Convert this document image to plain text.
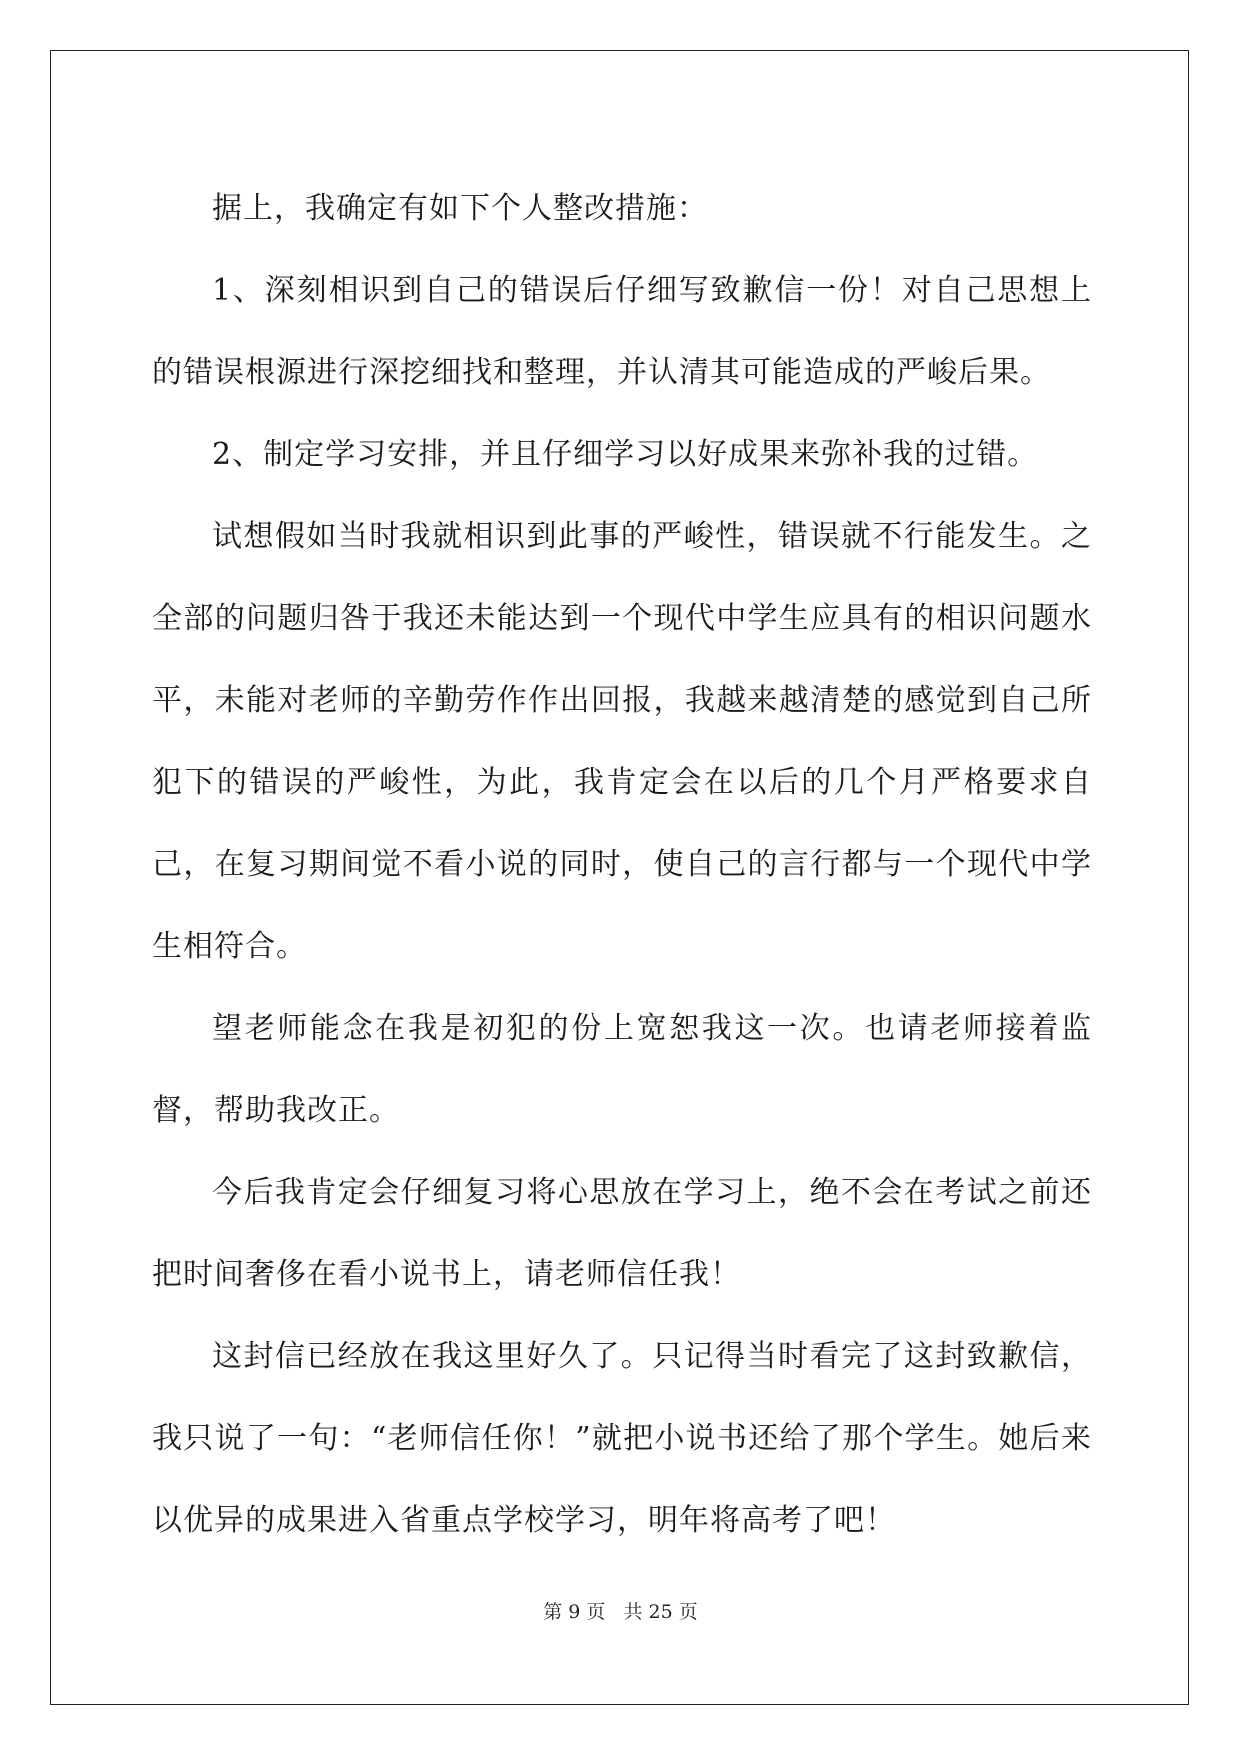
据上，我确定有如下个人整改措施：

1、深刻相识到自己的错误后仔细写致歉信一份！对自己思想上的错误根源进行深挖细找和整理，并认清其可能造成的严峻后果。

2、制定学习安排，并且仔细学习以好成果来弥补我的过错。

试想假如当时我就相识到此事的严峻性，错误就不行能发生。之全部的问题归咎于我还未能达到一个现代中学生应具有的相识问题水平，未能对老师的辛勤劳作作出回报，我越来越清楚的感觉到自己所犯下的错误的严峻性，为此，我肯定会在以后的几个月严格要求自己，在复习期间觉不看小说的同时，使自己的言行都与一个现代中学生相符合。

望老师能念在我是初犯的份上宽恕我这一次。也请老师接着监督，帮助我改正。

今后我肯定会仔细复习将心思放在学习上，绝不会在考试之前还把时间奢侈在看小说书上，请老师信任我！

这封信已经放在我这里好久了。只记得当时看完了这封致歉信，我只说了一句：“老师信任你！”就把小说书还给了那个学生。她后来以优异的成果进入省重点学校学习，明年将高考了吧！

第 9 页 共 25 页
